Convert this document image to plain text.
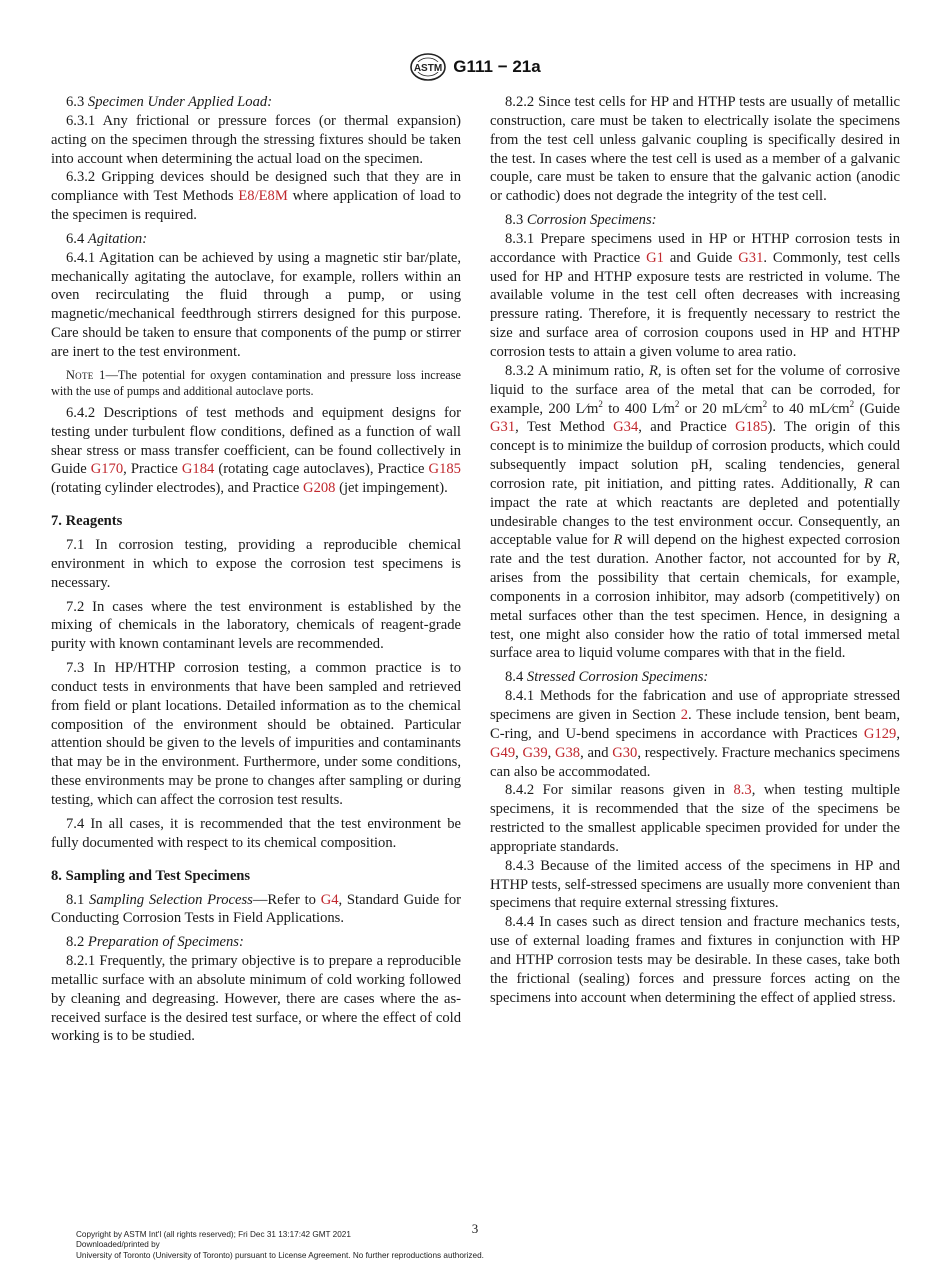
ASTM G111 − 21a

6.3 Specimen Under Applied Load:

6.3.1 Any frictional or pressure forces (or thermal expansion) acting on the specimen through the stressing fixtures should be taken into account when determining the actual load on the specimen.

6.3.2 Gripping devices should be designed such that they are in compliance with Test Methods E8/E8M where application of load to the specimen is required.

6.4 Agitation:

6.4.1 Agitation can be achieved by using a magnetic stir bar/plate, mechanically agitating the autoclave, for example, rollers within an oven recirculating the fluid through a pump, or using magnetic/mechanical feedthrough stirrers designed for this purpose. Care should be taken to ensure that components of the pump or stirrer are inert to the test environment.

Note 1—The potential for oxygen contamination and pressure loss increase with the use of pumps and additional autoclave ports.

6.4.2 Descriptions of test methods and equipment designs for testing under turbulent flow conditions, defined as a function of wall shear stress or mass transfer coefficient, can be found collectively in Guide G170, Practice G184 (rotating cage autoclaves), Practice G185 (rotating cylinder electrodes), and Practice G208 (jet impingement).

7. Reagents

7.1 In corrosion testing, providing a reproducible chemical environment in which to expose the corrosion test specimens is necessary.

7.2 In cases where the test environment is established by the mixing of chemicals in the laboratory, chemicals of reagent-grade purity with known contaminant levels are recommended.

7.3 In HP/HTHP corrosion testing, a common practice is to conduct tests in environments that have been sampled and retrieved from field or plant locations. Detailed information as to the chemical composition of the environment should be obtained. Particular attention should be given to the levels of impurities and contaminants that may be in the environment. Furthermore, under some conditions, these environments may be prone to changes after sampling or during testing, which can affect the corrosion test results.

7.4 In all cases, it is recommended that the test environment be fully documented with respect to its chemical composition.

8. Sampling and Test Specimens

8.1 Sampling Selection Process—Refer to G4, Standard Guide for Conducting Corrosion Tests in Field Applications.

8.2 Preparation of Specimens:

8.2.1 Frequently, the primary objective is to prepare a reproducible metallic surface with an absolute minimum of cold working followed by cleaning and degreasing. However, there are cases where the as-received surface is the desired test surface, or where the effect of cold working is to be studied.

8.2.2 Since test cells for HP and HTHP tests are usually of metallic construction, care must be taken to electrically isolate the specimens from the test cell unless galvanic coupling is specifically desired in the test. In cases where the test cell is used as a member of a galvanic couple, care must be taken to ensure that the galvanic action (anodic or cathodic) does not degrade the integrity of the test cell.

8.3 Corrosion Specimens:

8.3.1 Prepare specimens used in HP or HTHP corrosion tests in accordance with Practice G1 and Guide G31. Commonly, test cells used for HP and HTHP exposure tests are restricted in volume. The available volume in the test cell often decreases with increasing pressure rating. Therefore, it is frequently necessary to restrict the size and surface area of corrosion coupons used in HP and HTHP corrosion tests to attain a given volume to area ratio.

8.3.2 A minimum ratio, R, is often set for the volume of corrosive liquid to the surface area of the metal that can be corroded, for example, 200 $L⁄m^2$ to 400 $L⁄m^2$ or 20 $mL⁄cm^2$ to 40 $mL⁄cm^2$ (Guide G31, Test Method G34, and Practice G185). The origin of this concept is to minimize the buildup of corrosion products, which could subsequently impact solution pH, scaling tendencies, general corrosion rate, pit initiation, and pitting rates. Additionally, R can impact the rate at which reactants are depleted and potentially undesirable changes to the test environment occur. Consequently, an acceptable value for R will depend on the highest expected corrosion rate and the test duration. Another factor, not accounted for by R, arises from the possibility that certain chemicals, for example, components in a corrosion inhibitor, may adsorb (competitively) on metal surfaces other than the test specimen. Hence, in designing a test, one might also consider how the ratio of total immersed metal surface area to liquid volume compares with that in the field.

8.4 Stressed Corrosion Specimens:

8.4.1 Methods for the fabrication and use of appropriate stressed specimens are given in Section 2. These include tension, bent beam, C-ring, and U-bend specimens in accordance with Practices G129, G49, G39, G38, and G30, respectively. Fracture mechanics specimens can also be accommodated.

8.4.2 For similar reasons given in 8.3, when testing multiple specimens, it is recommended that the size of the specimens be restricted to the smallest applicable specimen provided for under the appropriate standards.

8.4.3 Because of the limited access of the specimens in HP and HTHP tests, self-stressed specimens are usually more convenient than specimens that require external stressing fixtures.

8.4.4 In cases such as direct tension and fracture mechanics tests, use of external loading frames and fixtures in conjunction with HP and HTHP corrosion tests may be desirable. In these cases, take both the frictional (sealing) forces and pressure forces acting on the specimens into account when determining the effect of applied stress.

3
Copyright by ASTM Int'l (all rights reserved); Fri Dec 31 13:17:42 GMT 2021
Downloaded/printed by
University of Toronto (University of Toronto) pursuant to License Agreement. No further reproductions authorized.
